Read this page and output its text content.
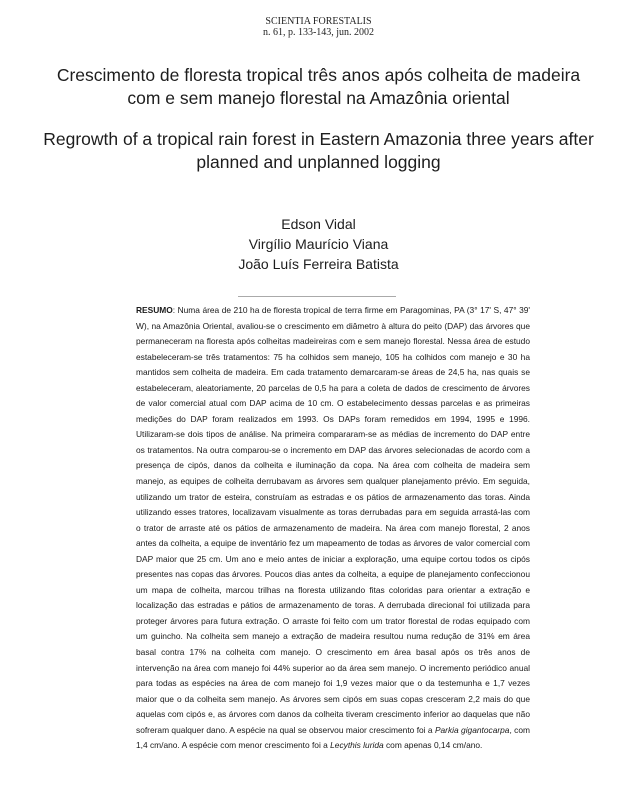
SCIENTIA FORESTALIS
n. 61, p. 133-143, jun. 2002
Crescimento de floresta tropical três anos após colheita de madeira com e sem manejo florestal na Amazônia oriental
Regrowth of a tropical rain forest in Eastern Amazonia three years after planned and unplanned logging
Edson Vidal
Virgílio Maurício Viana
João Luís Ferreira Batista
RESUMO: Numa área de 210 ha de floresta tropical de terra firme em Paragominas, PA (3° 17' S, 47° 39' W), na Amazônia Oriental, avaliou-se o crescimento em diâmetro à altura do peito (DAP) das árvores que permaneceram na floresta após colheitas madeireiras com e sem manejo florestal. Nessa área de estudo estabeleceram-se três tratamentos: 75 ha colhidos sem manejo, 105 ha colhidos com manejo e 30 ha mantidos sem colheita de madeira. Em cada tratamento demarcaram-se áreas de 24,5 ha, nas quais se estabeleceram, aleatoriamente, 20 parcelas de 0,5 ha para a coleta de dados de crescimento de árvores de valor comercial atual com DAP acima de 10 cm. O estabelecimento dessas parcelas e as primeiras medições do DAP foram realizados em 1993. Os DAPs foram remedidos em 1994, 1995 e 1996. Utilizaram-se dois tipos de análise. Na primeira compararam-se as médias de incremento do DAP entre os tratamentos. Na outra comparou-se o incremento em DAP das árvores selecionadas de acordo com a presença de cipós, danos da colheita e iluminação da copa. Na área com colheita de madeira sem manejo, as equipes de colheita derrubavam as árvores sem qualquer planejamento prévio. Em seguida, utilizando um trator de esteira, construíam as estradas e os pátios de armazenamento das toras. Ainda utilizando esses tratores, localizavam visualmente as toras derrubadas para em seguida arrastá-las com o trator de arraste até os pátios de armazenamento de madeira. Na área com manejo florestal, 2 anos antes da colheita, a equipe de inventário fez um mapeamento de todas as árvores de valor comercial com DAP maior que 25 cm. Um ano e meio antes de iniciar a exploração, uma equipe cortou todos os cipós presentes nas copas das árvores. Poucos dias antes da colheita, a equipe de planejamento confeccionou um mapa de colheita, marcou trilhas na floresta utilizando fitas coloridas para orientar a extração e localização das estradas e pátios de armazenamento de toras. A derrubada direcional foi utilizada para proteger árvores para futura extração. O arraste foi feito com um trator florestal de rodas equipado com um guincho. Na colheita sem manejo a extração de madeira resultou numa redução de 31% em área basal contra 17% na colheita com manejo. O crescimento em área basal após os três anos de intervenção na área com manejo foi 44% superior ao da área sem manejo. O incremento periódico anual para todas as espécies na área de com manejo foi 1,9 vezes maior que o da testemunha e 1,7 vezes maior que o da colheita sem manejo. As árvores sem cipós em suas copas cresceram 2,2 mais do que aquelas com cipós e, as árvores com danos da colheita tiveram crescimento inferior ao daquelas que não sofreram qualquer dano. A espécie na qual se observou maior crescimento foi a Parkia gigantocarpa, com 1,4 cm/ano. A espécie com menor crescimento foi a Lecythis lurida com apenas 0,14 cm/ano.
